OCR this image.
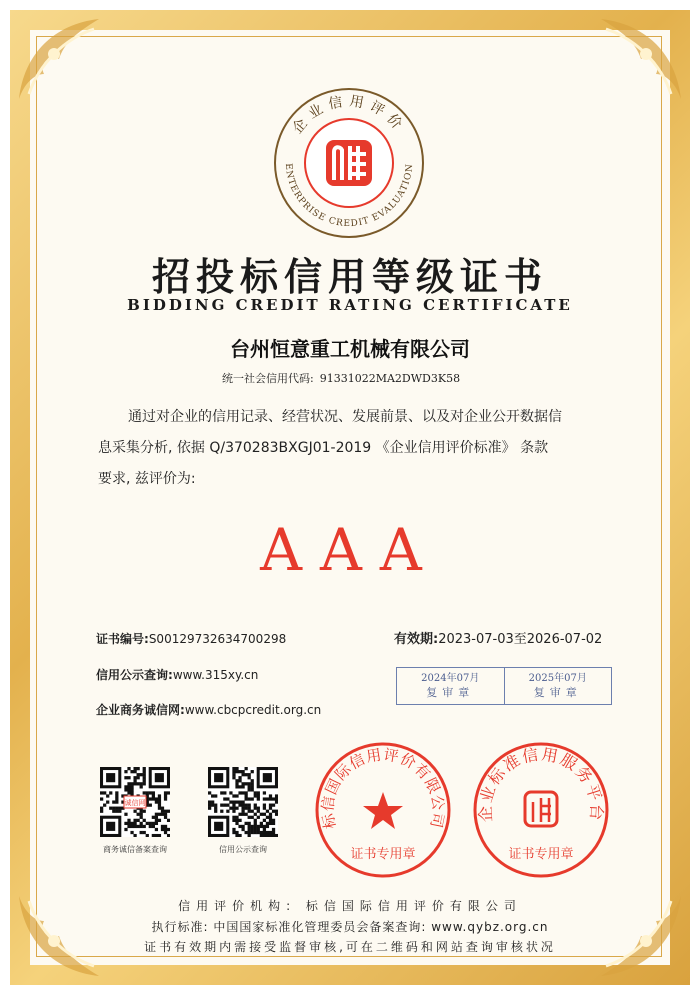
企业信用评价
ENTERPRISE CREDIT EVALUATION
招投标信用等级证书
BIDDING CREDIT RATING CERTIFICATE
台州恒意重工机械有限公司
统一社会信用代码: 91331022MA2DWD3K58
通过对企业的信用记录、经营状况、发展前景、以及对企业公开数据信
息采集分析, 依据 Q/370283BXGJ01-2019 《企业信用评价标准》 条款
要求, 兹评价为:
AAA
证书编号:S00129732634700298	有效期:2023-07-03至2026-07-02
信用公示查询:www.315xy.cn
企业商务诚信网:www.cbcpcredit.org.cn
2024年07月
复审章
2025年07月
复审章
诚信网
商务诚信备案查询	信用公示查询
标信国际信用评价有限公司
证书专用章
企业标准信用服务平台
证书专用章
信用评价机构: 标信国际信用评价有限公司
执行标准: 中国国家标准化管理委员会备案查询: www.qybz.org.cn
证书有效期内需接受监督审核,可在二维码和网站查询审核状况
